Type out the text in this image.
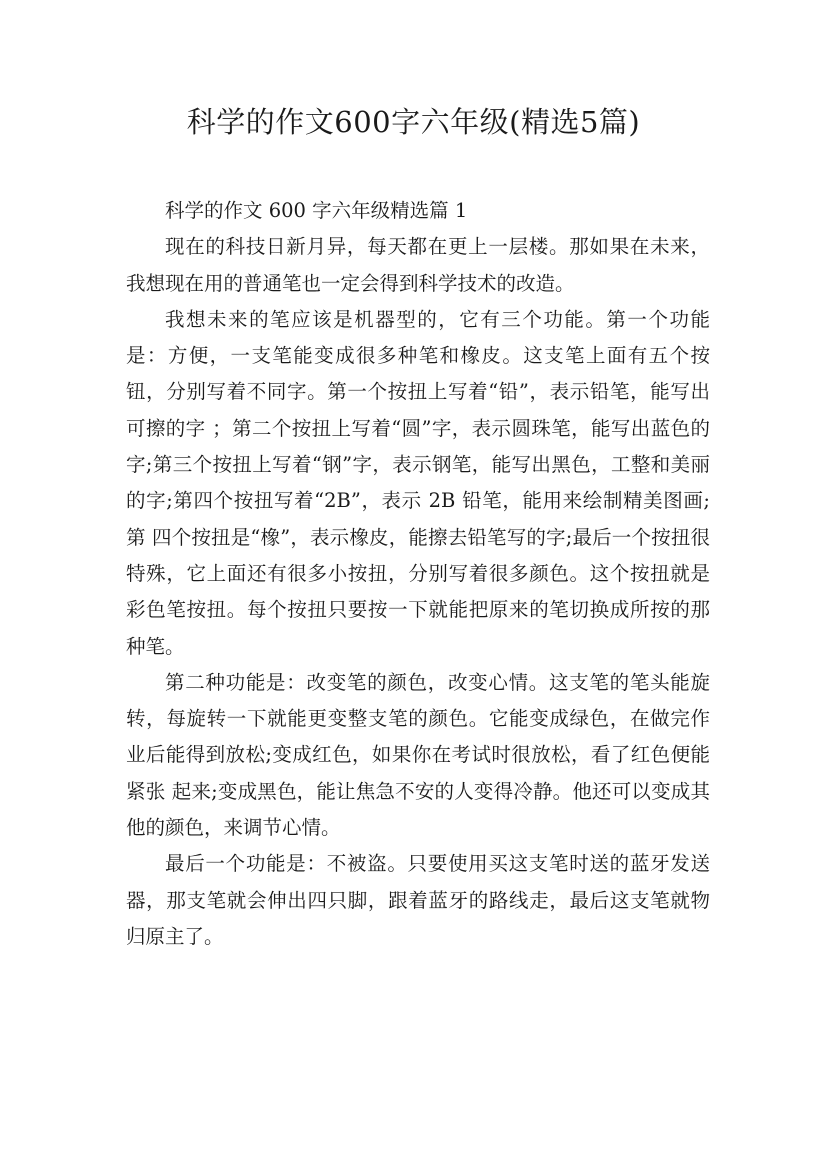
科学的作文600字六年级(精选5篇)

科学的作文 600 字六年级精选篇 1

现在的科技日新月异，每天都在更上一层楼。那如果在未来，我想现在用的普通笔也一定会得到科学技术的改造。

我想未来的笔应该是机器型的，它有三个功能。第一个功能是：方便，一支笔能变成很多种笔和橡皮。这支笔上面有五个按钮，分别写着不同字。第一个按扭上写着“铅”，表示铅笔，能写出可擦的字 ；第二个按扭上写着“圆”字，表示圆珠笔，能写出蓝色的字;第三个按扭上写着“钢”字，表示钢笔，能写出黑色，工整和美丽的字;第四个按扭写着“2B”，表示 2B 铅笔，能用来绘制精美图画;第 四个按扭是“橡”，表示橡皮，能擦去铅笔写的字;最后一个按扭很特殊，它上面还有很多小按扭，分别写着很多颜色。这个按扭就是彩色笔按扭。每个按扭只要按一下就能把原来的笔切换成所按的那 种笔。

第二种功能是：改变笔的颜色，改变心情。这支笔的笔头能旋转，每旋转一下就能更变整支笔的颜色。它能变成绿色，在做完作业后能得到放松;变成红色，如果你在考试时很放松，看了红色便能紧张 起来;变成黑色，能让焦急不安的人变得冷静。他还可以变成其他的颜色，来调节心情。

最后一个功能是：不被盗。只要使用买这支笔时送的蓝牙发送器，那支笔就会伸出四只脚，跟着蓝牙的路线走，最后这支笔就物归原主了。
